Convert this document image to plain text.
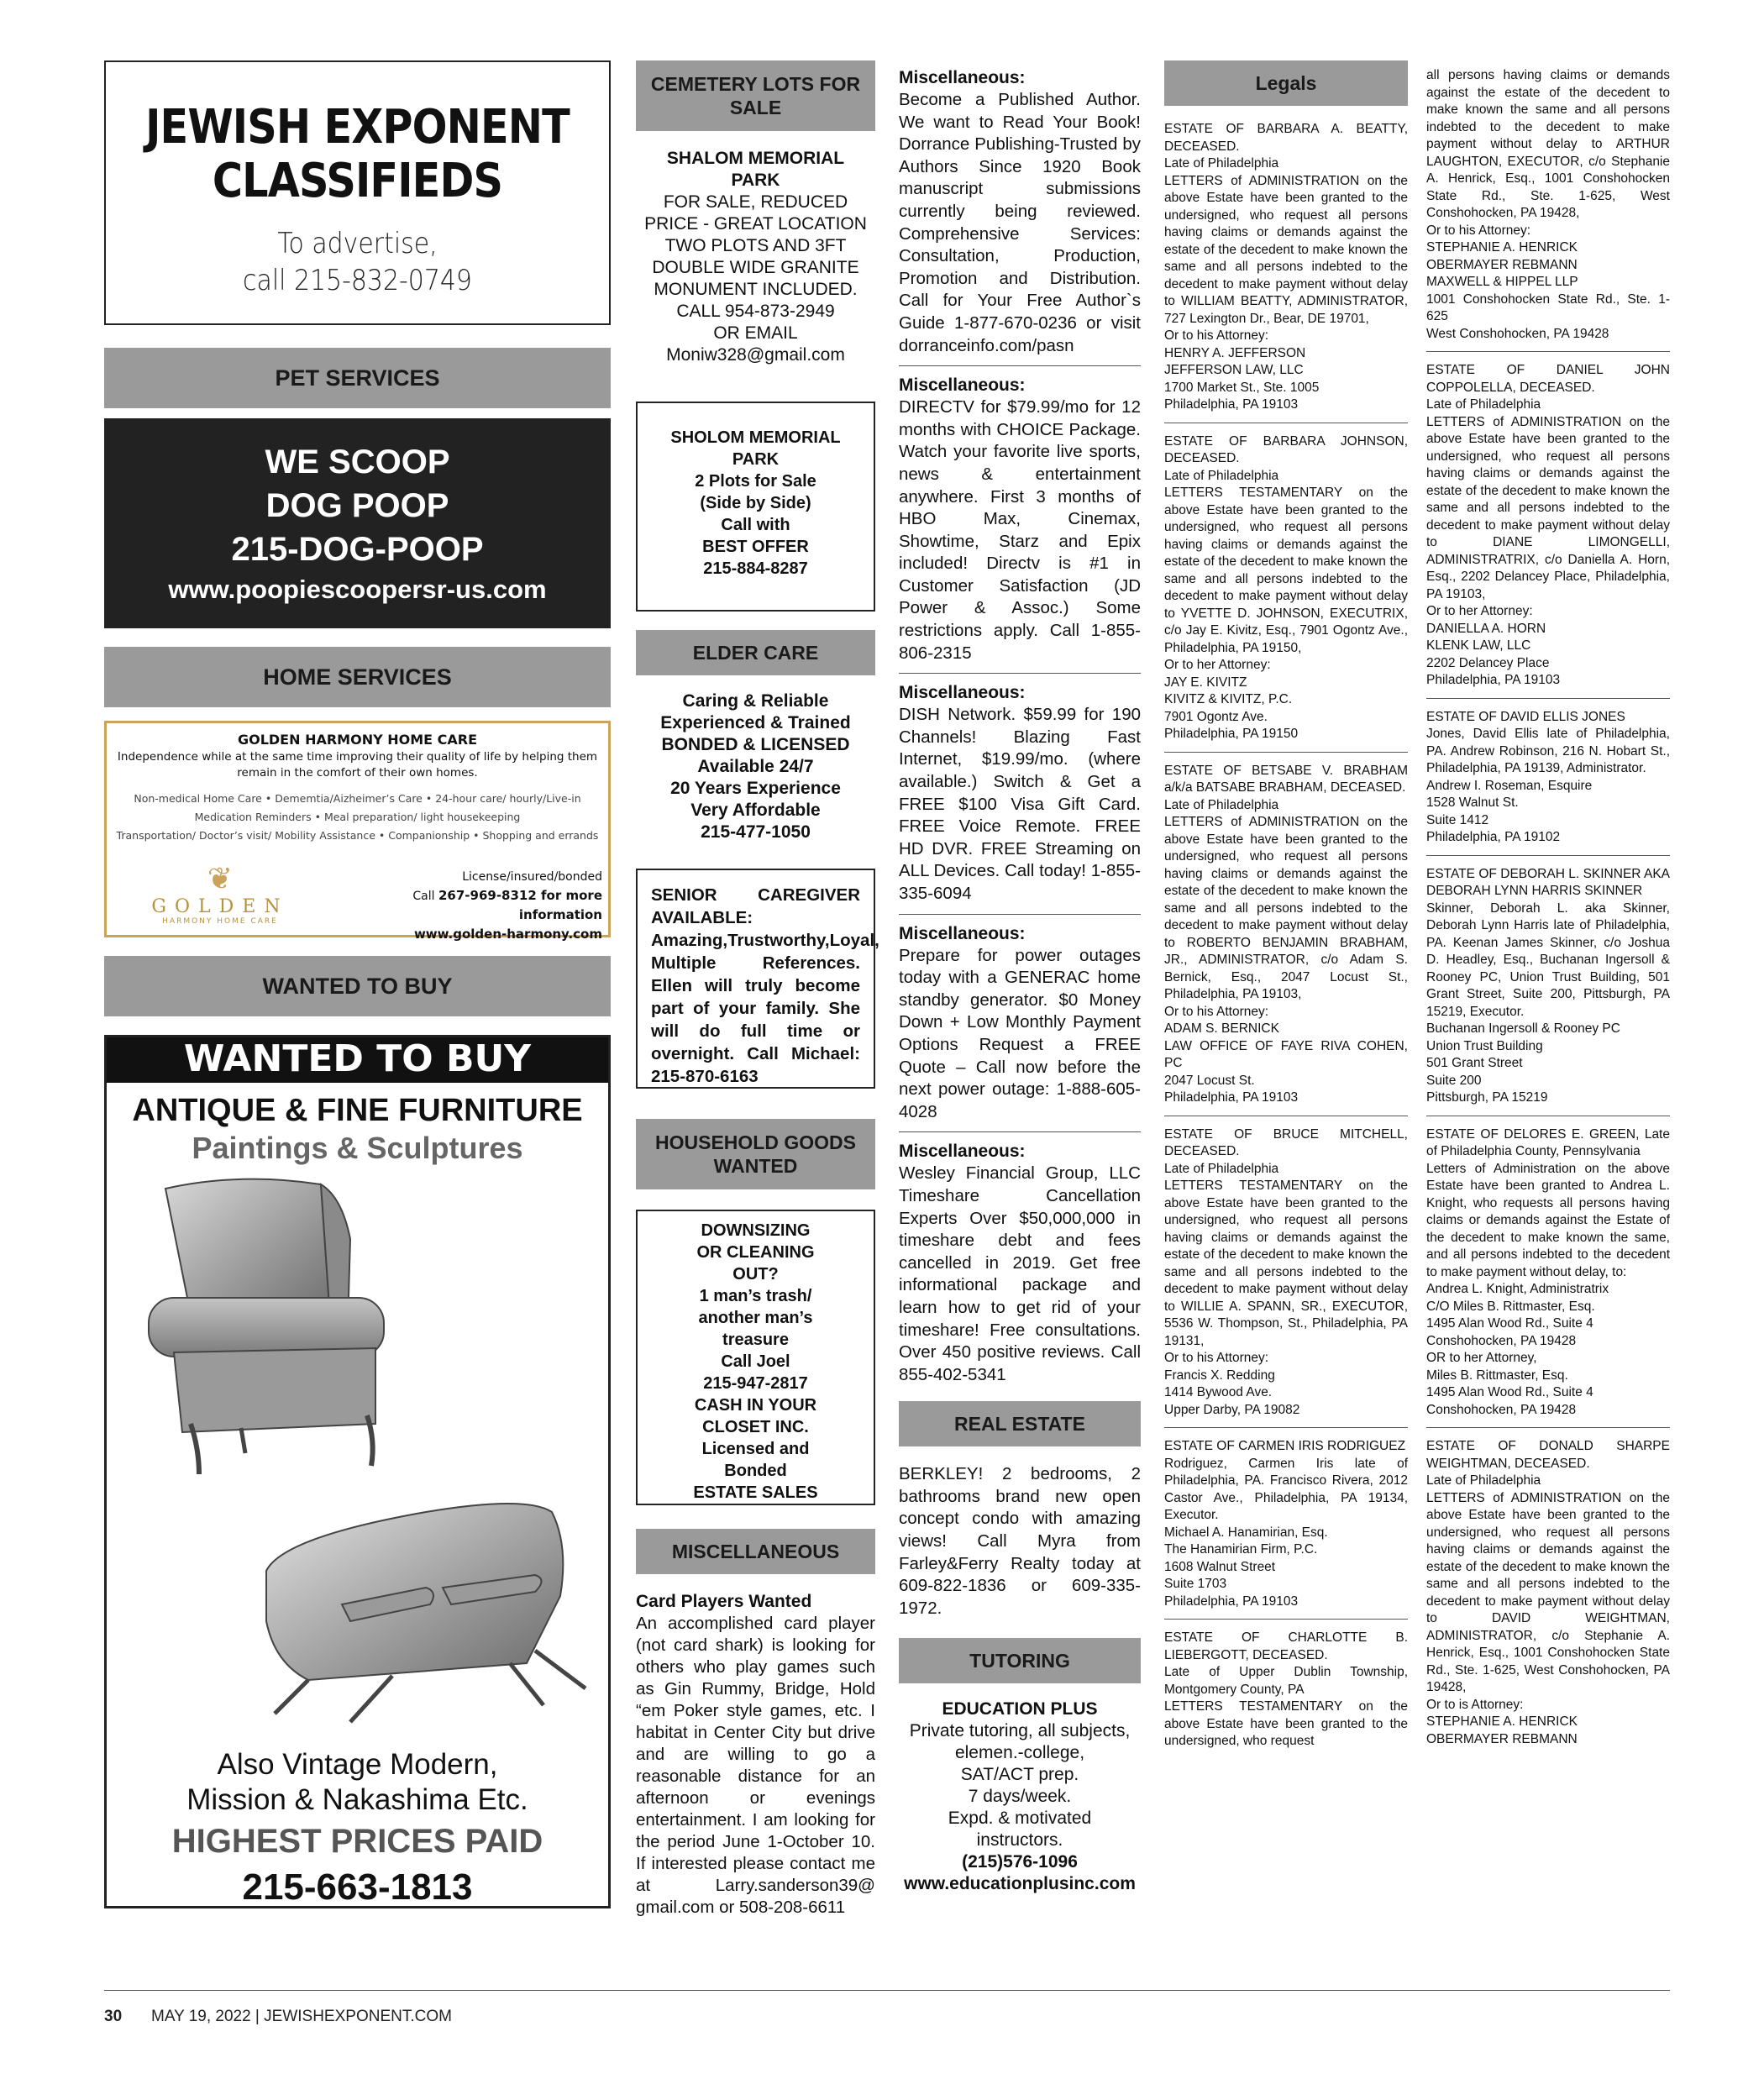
JEWISH EXPONENT
CLASSIFIEDS
To advertise,
call 215-832-0749
PET SERVICES
WE SCOOP
DOG POOP
215-DOG-POOP
www.poopiescoopersr-us.com
HOME SERVICES
GOLDEN HARMONY HOME CARE
Independence while at the same time improving their quality of life by helping them remain in the comfort of their own homes.
Non-medical Home Care • Dememtia/Aizheimer’s Care • 24-hour care/ hourly/Live-in
Medication Reminders • Meal preparation/ light housekeeping
Transportation/ Doctor’s visit/ Mobility Assistance • Companionship • Shopping and errands
❦
GOLDEN
HARMONY HOME CARE
License/insured/bonded
Call 267-969-8312 for more information
www.golden-harmony.com
WANTED TO BUY
WANTED TO BUY
ANTIQUE & FINE FURNITURE
Paintings & Sculptures
Also Vintage Modern,
Mission & Nakashima Etc.
HIGHEST PRICES PAID
215-663-1813
CEMETERY LOTS FOR SALE
SHALOM MEMORIAL
PARK
FOR SALE, REDUCED
PRICE - GREAT LOCATION
TWO PLOTS AND 3FT
DOUBLE WIDE GRANITE
MONUMENT INCLUDED.
CALL 954-873-2949
OR EMAIL
Moniw328@gmail.com
SHOLOM MEMORIAL
PARK
2 Plots for Sale
(Side by Side)
Call with
BEST OFFER
215-884-8287
ELDER CARE
Caring & Reliable
Experienced & Trained
BONDED & LICENSED
Available 24/7
20 Years Experience
Very Affordable
215-477-1050
SENIOR CAREGIVER AVAILABLE: Amazing,Trustworthy,Loyal, Multiple References. Ellen will truly become part of your family. She will do full time or overnight. Call Michael: 215-870-6163
HOUSEHOLD GOODS WANTED
DOWNSIZING
OR CLEANING
OUT?
1 man’s trash/
another man’s
treasure
Call Joel
215-947-2817
CASH IN YOUR
CLOSET INC.
Licensed and
Bonded
ESTATE SALES
MISCELLANEOUS
Card Players Wanted

An accomplished card player (not card shark) is looking for others who play games such as Gin Rummy, Bridge, Hold “em Poker style games, etc. I habitat in Center City but drive and are willing to go a reasonable distance for an afternoon or evenings entertainment. I am looking for the period June 1-October 10. If interested please contact me at Larry.sanderson39@ gmail.com or 508-208-6611

Miscellaneous:
Become a Published Author. We want to Read Your Book! Dorrance Publishing-Trusted by Authors Since 1920 Book manuscript submissions currently being reviewed. Comprehensive Services: Consultation, Production, Promotion and Distribution. Call for Your Free Author`s Guide 1-877-670-0236 or visit dorranceinfo.com/pasn
Miscellaneous:
DIRECTV for $79.99/mo for 12 months with CHOICE Package. Watch your favorite live sports, news & entertainment anywhere. First 3 months of HBO Max, Cinemax, Showtime, Starz and Epix included! Directv is #1 in Customer Satisfaction (JD Power & Assoc.) Some restrictions apply. Call 1-855-806-2315
Miscellaneous:
DISH Network. $59.99 for 190 Channels! Blazing Fast Internet, $19.99/mo. (where available.) Switch & Get a FREE $100 Visa Gift Card. FREE Voice Remote. FREE HD DVR. FREE Streaming on ALL Devices. Call today! 1-855-335-6094
Miscellaneous:
Prepare for power outages today with a GENERAC home standby generator. $0 Money Down + Low Monthly Payment Options Request a FREE Quote – Call now before the next power outage: 1-888-605-4028
Miscellaneous:
Wesley Financial Group, LLC Timeshare Cancellation Experts Over $50,000,000 in timeshare debt and fees cancelled in 2019. Get free informational package and learn how to get rid of your timeshare! Free consultations. Over 450 positive reviews. Call 855-402-5341
REAL ESTATE
BERKLEY! 2 bedrooms, 2 bathrooms brand new open concept condo with amazing views! Call Myra from Farley&Ferry Realty today at 609-822-1836 or 609-335-1972.
TUTORING
EDUCATION PLUS
Private tutoring, all subjects,
elemen.-college,
SAT/ACT prep.
7 days/week.
Expd. & motivated
instructors.
(215)576-1096
www.educationplusinc.com
Legals
ESTATE OF BARBARA A. BEATTY, DECEASED.
Late of Philadelphia
LETTERS of ADMINISTRATION on the above Estate have been granted to the undersigned, who request all persons having claims or demands against the estate of the decedent to make known the same and all persons indebted to the decedent to make payment without delay to WILLIAM BEATTY, ADMINISTRATOR, 727 Lexington Dr., Bear, DE 19701,
Or to his Attorney:
HENRY A. JEFFERSON
JEFFERSON LAW, LLC
1700 Market St., Ste. 1005
Philadelphia, PA 19103
ESTATE OF BARBARA JOHNSON, DECEASED.
Late of Philadelphia
LETTERS TESTAMENTARY on the above Estate have been granted to the undersigned, who request all persons having claims or demands against the estate of the decedent to make known the same and all persons indebted to the decedent to make payment without delay to YVETTE D. JOHNSON, EXECUTRIX, c/o Jay E. Kivitz, Esq., 7901 Ogontz Ave., Philadelphia, PA 19150,
Or to her Attorney:
JAY E. KIVITZ
KIVITZ & KIVITZ, P.C.
7901 Ogontz Ave.
Philadelphia, PA 19150
ESTATE OF BETSABE V. BRABHAM a/k/a BATSABE BRABHAM, DECEASED.
Late of Philadelphia
LETTERS of ADMINISTRATION on the above Estate have been granted to the undersigned, who request all persons having claims or demands against the estate of the decedent to make known the same and all persons indebted to the decedent to make payment without delay to ROBERTO BENJAMIN BRABHAM, JR., ADMINISTRATOR, c/o Adam S. Bernick, Esq., 2047 Locust St., Philadelphia, PA 19103,
Or to his Attorney:
ADAM S. BERNICK
LAW OFFICE OF FAYE RIVA COHEN, PC
2047 Locust St.
Philadelphia, PA 19103
ESTATE OF BRUCE MITCHELL, DECEASED.
Late of Philadelphia
LETTERS TESTAMENTARY on the above Estate have been granted to the undersigned, who request all persons having claims or demands against the estate of the decedent to make known the same and all persons indebted to the decedent to make payment without delay to WILLIE A. SPANN, SR., EXECUTOR, 5536 W. Thompson, St., Philadelphia, PA 19131,
Or to his Attorney:
Francis X. Redding
1414 Bywood Ave.
Upper Darby, PA 19082
ESTATE OF CARMEN IRIS RODRIGUEZ
Rodriguez, Carmen Iris late of Philadelphia, PA. Francisco Rivera, 2012 Castor Ave., Philadelphia, PA 19134, Executor.
Michael A. Hanamirian, Esq.
The Hanamirian Firm, P.C.
1608 Walnut Street
Suite 1703
Philadelphia, PA 19103
ESTATE OF CHARLOTTE B. LIEBERGOTT, DECEASED.
Late of Upper Dublin Township, Montgomery County, PA
LETTERS TESTAMENTARY on the above Estate have been granted to the undersigned, who request
all persons having claims or demands against the estate of the decedent to make known the same and all persons indebted to the decedent to make payment without delay to ARTHUR LAUGHTON, EXECUTOR, c/o Stephanie A. Henrick, Esq., 1001 Conshohocken State Rd., Ste. 1-625, West Conshohocken, PA 19428,
Or to his Attorney:
STEPHANIE A. HENRICK
OBERMAYER REBMANN
MAXWELL & HIPPEL LLP
1001 Conshohocken State Rd., Ste. 1-625
West Conshohocken, PA 19428
ESTATE OF DANIEL JOHN COPPOLELLA, DECEASED.
Late of Philadelphia
LETTERS of ADMINISTRATION on the above Estate have been granted to the undersigned, who request all persons having claims or demands against the estate of the decedent to make known the same and all persons indebted to the decedent to make payment without delay to DIANE LIMONGELLI, ADMINISTRATRIX, c/o Daniella A. Horn, Esq., 2202 Delancey Place, Philadelphia, PA 19103,
Or to her Attorney:
DANIELLA A. HORN
KLENK LAW, LLC
2202 Delancey Place
Philadelphia, PA 19103
ESTATE OF DAVID ELLIS JONES
Jones, David Ellis late of Philadelphia, PA. Andrew Robinson, 216 N. Hobart St., Philadelphia, PA 19139, Administrator.
Andrew I. Roseman, Esquire
1528 Walnut St.
Suite 1412
Philadelphia, PA 19102
ESTATE OF DEBORAH L. SKINNER AKA DEBORAH LYNN HARRIS SKINNER
Skinner, Deborah L. aka Skinner, Deborah Lynn Harris late of Philadelphia, PA. Keenan James Skinner, c/o Joshua D. Headley, Esq., Buchanan Ingersoll & Rooney PC, Union Trust Building, 501 Grant Street, Suite 200, Pittsburgh, PA 15219, Executor.
Buchanan Ingersoll & Rooney PC
Union Trust Building
501 Grant Street
Suite 200
Pittsburgh, PA 15219
ESTATE OF DELORES E. GREEN, Late of Philadelphia County, Pennsylvania
Letters of Administration on the above Estate have been granted to Andrea L. Knight, who requests all persons having claims or demands against the Estate of the decedent to make known the same, and all persons indebted to the decedent to make payment without delay, to:
Andrea L. Knight, Administratrix
C/O Miles B. Rittmaster, Esq.
1495 Alan Wood Rd., Suite 4
Conshohocken, PA 19428
OR to her Attorney,
Miles B. Rittmaster, Esq.
1495 Alan Wood Rd., Suite 4
Conshohocken, PA 19428
ESTATE OF DONALD SHARPE WEIGHTMAN, DECEASED.
Late of Philadelphia
LETTERS of ADMINISTRATION on the above Estate have been granted to the undersigned, who request all persons having claims or demands against the estate of the decedent to make known the same and all persons indebted to the decedent to make payment without delay to DAVID WEIGHTMAN, ADMINISTRATOR, c/o Stephanie A. Henrick, Esq., 1001 Conshohocken State Rd., Ste. 1-625, West Conshohocken, PA 19428,
Or to is Attorney:
STEPHANIE A. HENRICK
OBERMAYER REBMANN
30 MAY 19, 2022 | JEWISHEXPONENT.COM
